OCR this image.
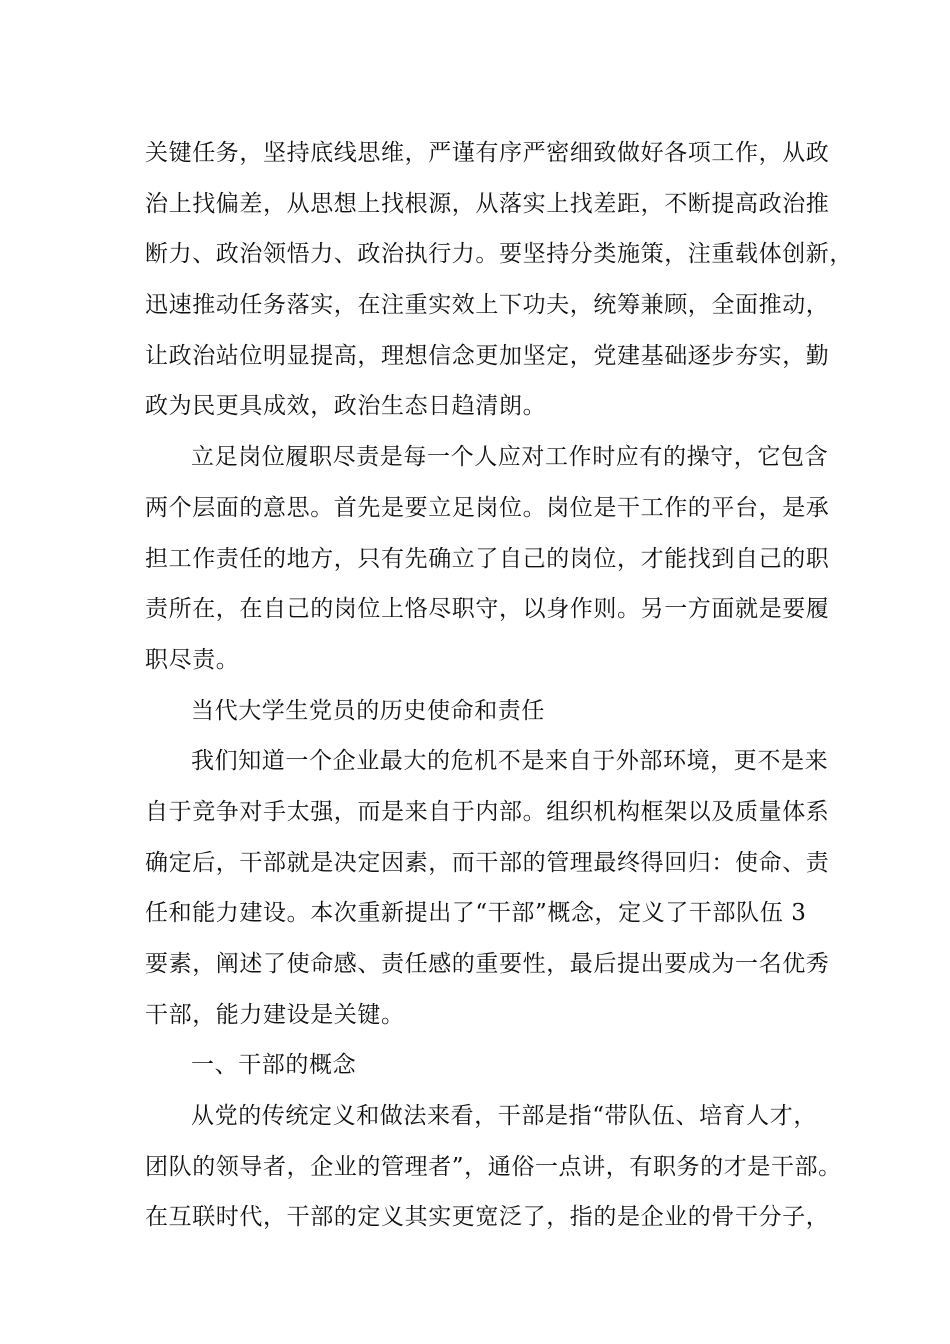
关键任务，坚持底线思维，严谨有序严密细致做好各项工作，从政
治上找偏差，从思想上找根源，从落实上找差距，不断提高政治推
断力、政治领悟力、政治执行力。要坚持分类施策，注重载体创新，
迅速推动任务落实，在注重实效上下功夫，统筹兼顾，全面推动，
让政治站位明显提高，理想信念更加坚定，党建基础逐步夯实，勤
政为民更具成效，政治生态日趋清朗。
立足岗位履职尽责是每一个人应对工作时应有的操守，它包含
两个层面的意思。首先是要立足岗位。岗位是干工作的平台，是承
担工作责任的地方，只有先确立了自己的岗位，才能找到自己的职
责所在，在自己的岗位上恪尽职守，以身作则。另一方面就是要履
职尽责。
当代大学生党员的历史使命和责任
我们知道一个企业最大的危机不是来自于外部环境，更不是来
自于竞争对手太强，而是来自于内部。组织机构框架以及质量体系
确定后，干部就是决定因素，而干部的管理最终得回归：使命、责
任和能力建设。本次重新提出了“干部”概念，定义了干部队伍 3
要素，阐述了使命感、责任感的重要性，最后提出要成为一名优秀
干部，能力建设是关键。
一、干部的概念
从党的传统定义和做法来看，干部是指“带队伍、培育人才，
团队的领导者，企业的管理者”，通俗一点讲，有职务的才是干部。
在互联时代，干部的定义其实更宽泛了，指的是企业的骨干分子，
